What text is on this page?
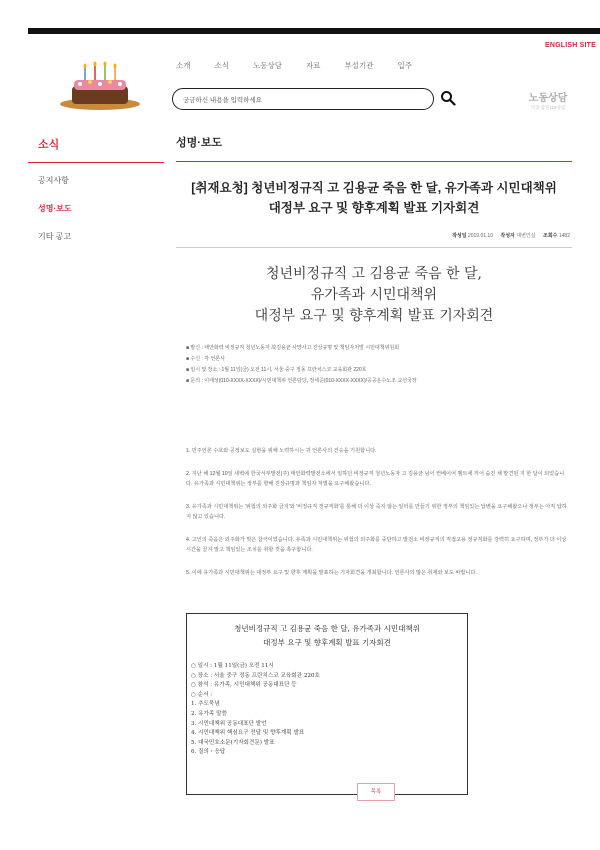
ENGLISH SITE
소개	소식	노동상담	자료	부설기관	입주
궁금하신 내용을 입력하세요	노동상담
직장 갑질119상담
소식
공지사항
성명·보도
기타 공고
성명·보도
[취재요청] 청년비정규직 고 김용균 죽음 한 달, 유가족과 시민대책위
대정부 요구 및 향후계획 발표 기자회견
작성일 2019.01.10 작성자 대변인실 조회수 1482
청년비정규직 고 김용균 죽음 한 달,
유가족과 시민대책위
대정부 요구 및 향후계획 발표 기자회견
■ 발신 : 태안화력 비정규직 청년노동자 故김용균 사망사고 진상규명 및 책임자처벌 시민대책위원회
■ 수신 : 각 언론사
■ 일시 및 장소 : 1월 11일(금) 오전 11시, 서울 중구 정동 프란치스코 교육회관 220호
■ 문의 : 이태성(010-XXXX-XXXX)/시민대책위 언론담당, 정세준(010-XXXX-XXXX)/공공운수노조 교선국장

1. 민주언론 수호와 공정보도 실현을 위해 노력하시는 귀 언론사의 건승을 기원합니다.

2. 지난 해 12월 10일 새벽에 한국서부발전(주) 태안화력발전소에서 일하던 비정규직 청년노동자 고 김용균 님이 컨베이어 벨트에 끼어 숨진 채 발견된 지 한 달이 되었습니다. 유가족과 시민대책위는 정부를 향해 진상규명과 책임자 처벌을 요구해왔습니다.

3. 유가족과 시민대책위는 '위험의 외주화 금지'와 '비정규직 정규직화'를 통해 더 이상 죽지 않는 일터를 만들기 위한 정부의 책임있는 답변을 요구해왔으나 정부는 아직 답하지 않고 있습니다.

4. 고인의 죽음은 외주화가 빚은 참극이었습니다. 유족과 시민대책위는 위험의 외주화를 중단하고 발전소 비정규직의 직접고용 정규직화를 강력히 요구하며, 정부가 더 이상 시간을 끌지 말고 책임있는 조치를 취할 것을 촉구합니다.

5. 이에 유가족과 시민대책위는 대정부 요구 및 향후 계획을 발표하는 기자회견을 개최합니다. 언론사의 많은 취재와 보도 바랍니다.

청년비정규직 고 김용균 죽음 한 달, 유가족과 시민대책위
대정부 요구 및 향후계획 발표 기자회견
○ 일시 : 1월 11일(금) 오전 11시
○ 장소 : 서울 중구 정동 프란치스코 교육회관 220호
○ 참석 : 유가족, 시민대책위 공동대표단 등
○ 순서 :
1. 추도묵념
2. 유가족 말씀
3. 시민대책위 공동대표단 발언
4. 시민대책위 핵심요구 전달 및 향후계획 발표
5. 대국민호소문(기자회견문) 발표
6. 질의・응답
목록
